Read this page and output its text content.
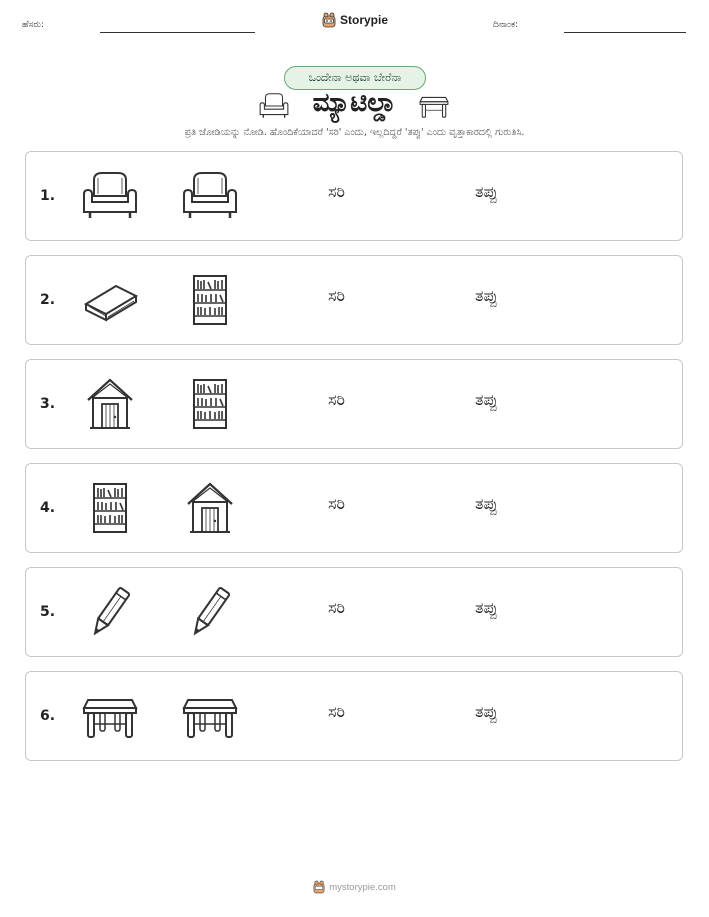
ಹೆಸರು:	Storypie	ದಿನಾಂಕ:
ಒಂದೇನಾ ಅಥವಾ ಬೇರೆನಾ
ಮ್ಯಾಟಿಲ್ಡಾ
ಪ್ರತಿ ಜೋಡಿಯನ್ನು ನೋಡಿ. ಹೊಂದಿಕೆಯಾದರೆ 'ಸರಿ' ಎಂದು, ಇಲ್ಲದಿದ್ದರೆ 'ತಪ್ಪು' ಎಂದು ವೃತ್ತಾಕಾರದಲ್ಲಿ ಗುರುತಿಸಿ.
1.	ಸರಿ	ತಪ್ಪು
2.	ಸರಿ	ತಪ್ಪು
3.	ಸರಿ	ತಪ್ಪು
4.	ಸರಿ	ತಪ್ಪು
5.	ಸರಿ	ತಪ್ಪು
6.	ಸರಿ	ತಪ್ಪು
mystorypie.com
